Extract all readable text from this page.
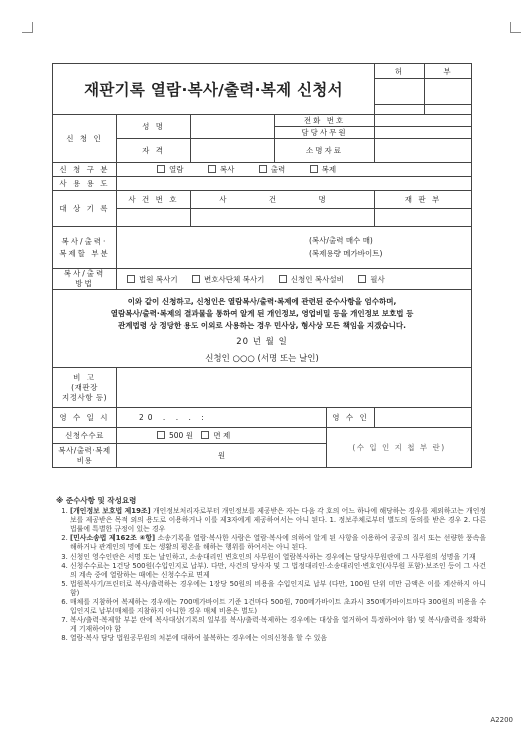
재판기록 열람·복사/출력·복제 신청서					허	부

신 청 인	성 명		전화 번호			
			담당사무원			
	자 격		소명자료			
신 청 구 분	열람 복사 출력 복제					
사 용 용 도						
대 상 기 록	사 건 번 호	사 건 명			재 판 부	

복사/출력·
복제할 부분	(복사/출력 매수 매)
(복제용량 메가바이트)					

복사/출력
방법	법원 복사기 변호사단체 복사기 신청인 복사설비 필사					

이와 같이 신청하고, 신청인은 열람복사/출력·복제에 관련된 준수사항을 엄수하며,
열람복사/출력·복제의 결과물을 통하여 알게 된 개인정보, 영업비밀 등을 개인정보 보호법 등
관계법령 상 정당한 용도 이외로 사용하는 경우 민사상, 형사상 모든 책임을 지겠습니다.
20 년 월 일
신청인 ○○○ (서명 또는 날인)						

비 고
(재판장
지정사항 등)						

영 수 일 시	20 . . . :			영 수 인		
신청수수료	500 원 면 제			(수 입 인 지 첩 부 란)		

복사/출력·복제
비용	원					
※ 준수사항 및 작성요령
1. [개인정보 보호법 제19조] 개인정보처리자로부터 개인정보를 제공받은 자는 다음 각 호의 어느 하나에 해당하는 경우를 제외하고는 개인정보를 제공받은 목적 외의 용도로 이용하거나 이를 제3자에게 제공하여서는 아니 된다. 1. 정보주체로부터 별도의 동의를 받은 경우 2. 다른 법률에 특별한 규정이 있는 경우
2. [민사소송법 제162조 ④항] 소송기록을 열람·복사한 사람은 열람·복사에 의하여 알게 된 사항을 이용하여 공공의 질서 또는 선량한 풍속을 해하거나 관계인의 명예 또는 생활의 평온을 해하는 행위를 하여서는 아니 된다.
3. 신청인 영수인란은 서명 또는 날인하고, 소송대리인 변호인의 사무원이 열람복사하는 경우에는 담당사무원란에 그 사무원의 성명을 기재
4. 신청수수료는 1건당 500원(수입인지로 납부). 다만, 사건의 당사자 및 그 법정대리인·소송대리인·변호인(사무원 포함)·보조인 등이 그 사건의 계속 중에 열람하는 때에는 신청수수료 면제
5. 법원복사기/프린터로 복사/출력하는 경우에는 1장당 50원의 비용을 수입인지로 납부 (다만, 100원 단위 미만 금액은 이를 계산하지 아니함)
6. 매체를 지참하여 복제하는 경우에는 700메가바이트 기준 1건마다 500원, 700메가바이트 초과시 350메가바이트마다 300원의 비용을 수입인지로 납부(매체를 지참하지 아니한 경우 매체 비용은 별도)
7. 복사/출력·복제할 부분 란에 복사대상(기록의 일부를 복사/출력·복제하는 경우에는 대상을 열거하여 특정하여야 함) 및 복사/출력을 정확하게 기재하여야 함
8. 열람·복사 담당 법원공무원의 처분에 대하여 불복하는 경우에는 이의신청을 할 수 있음
A2200
